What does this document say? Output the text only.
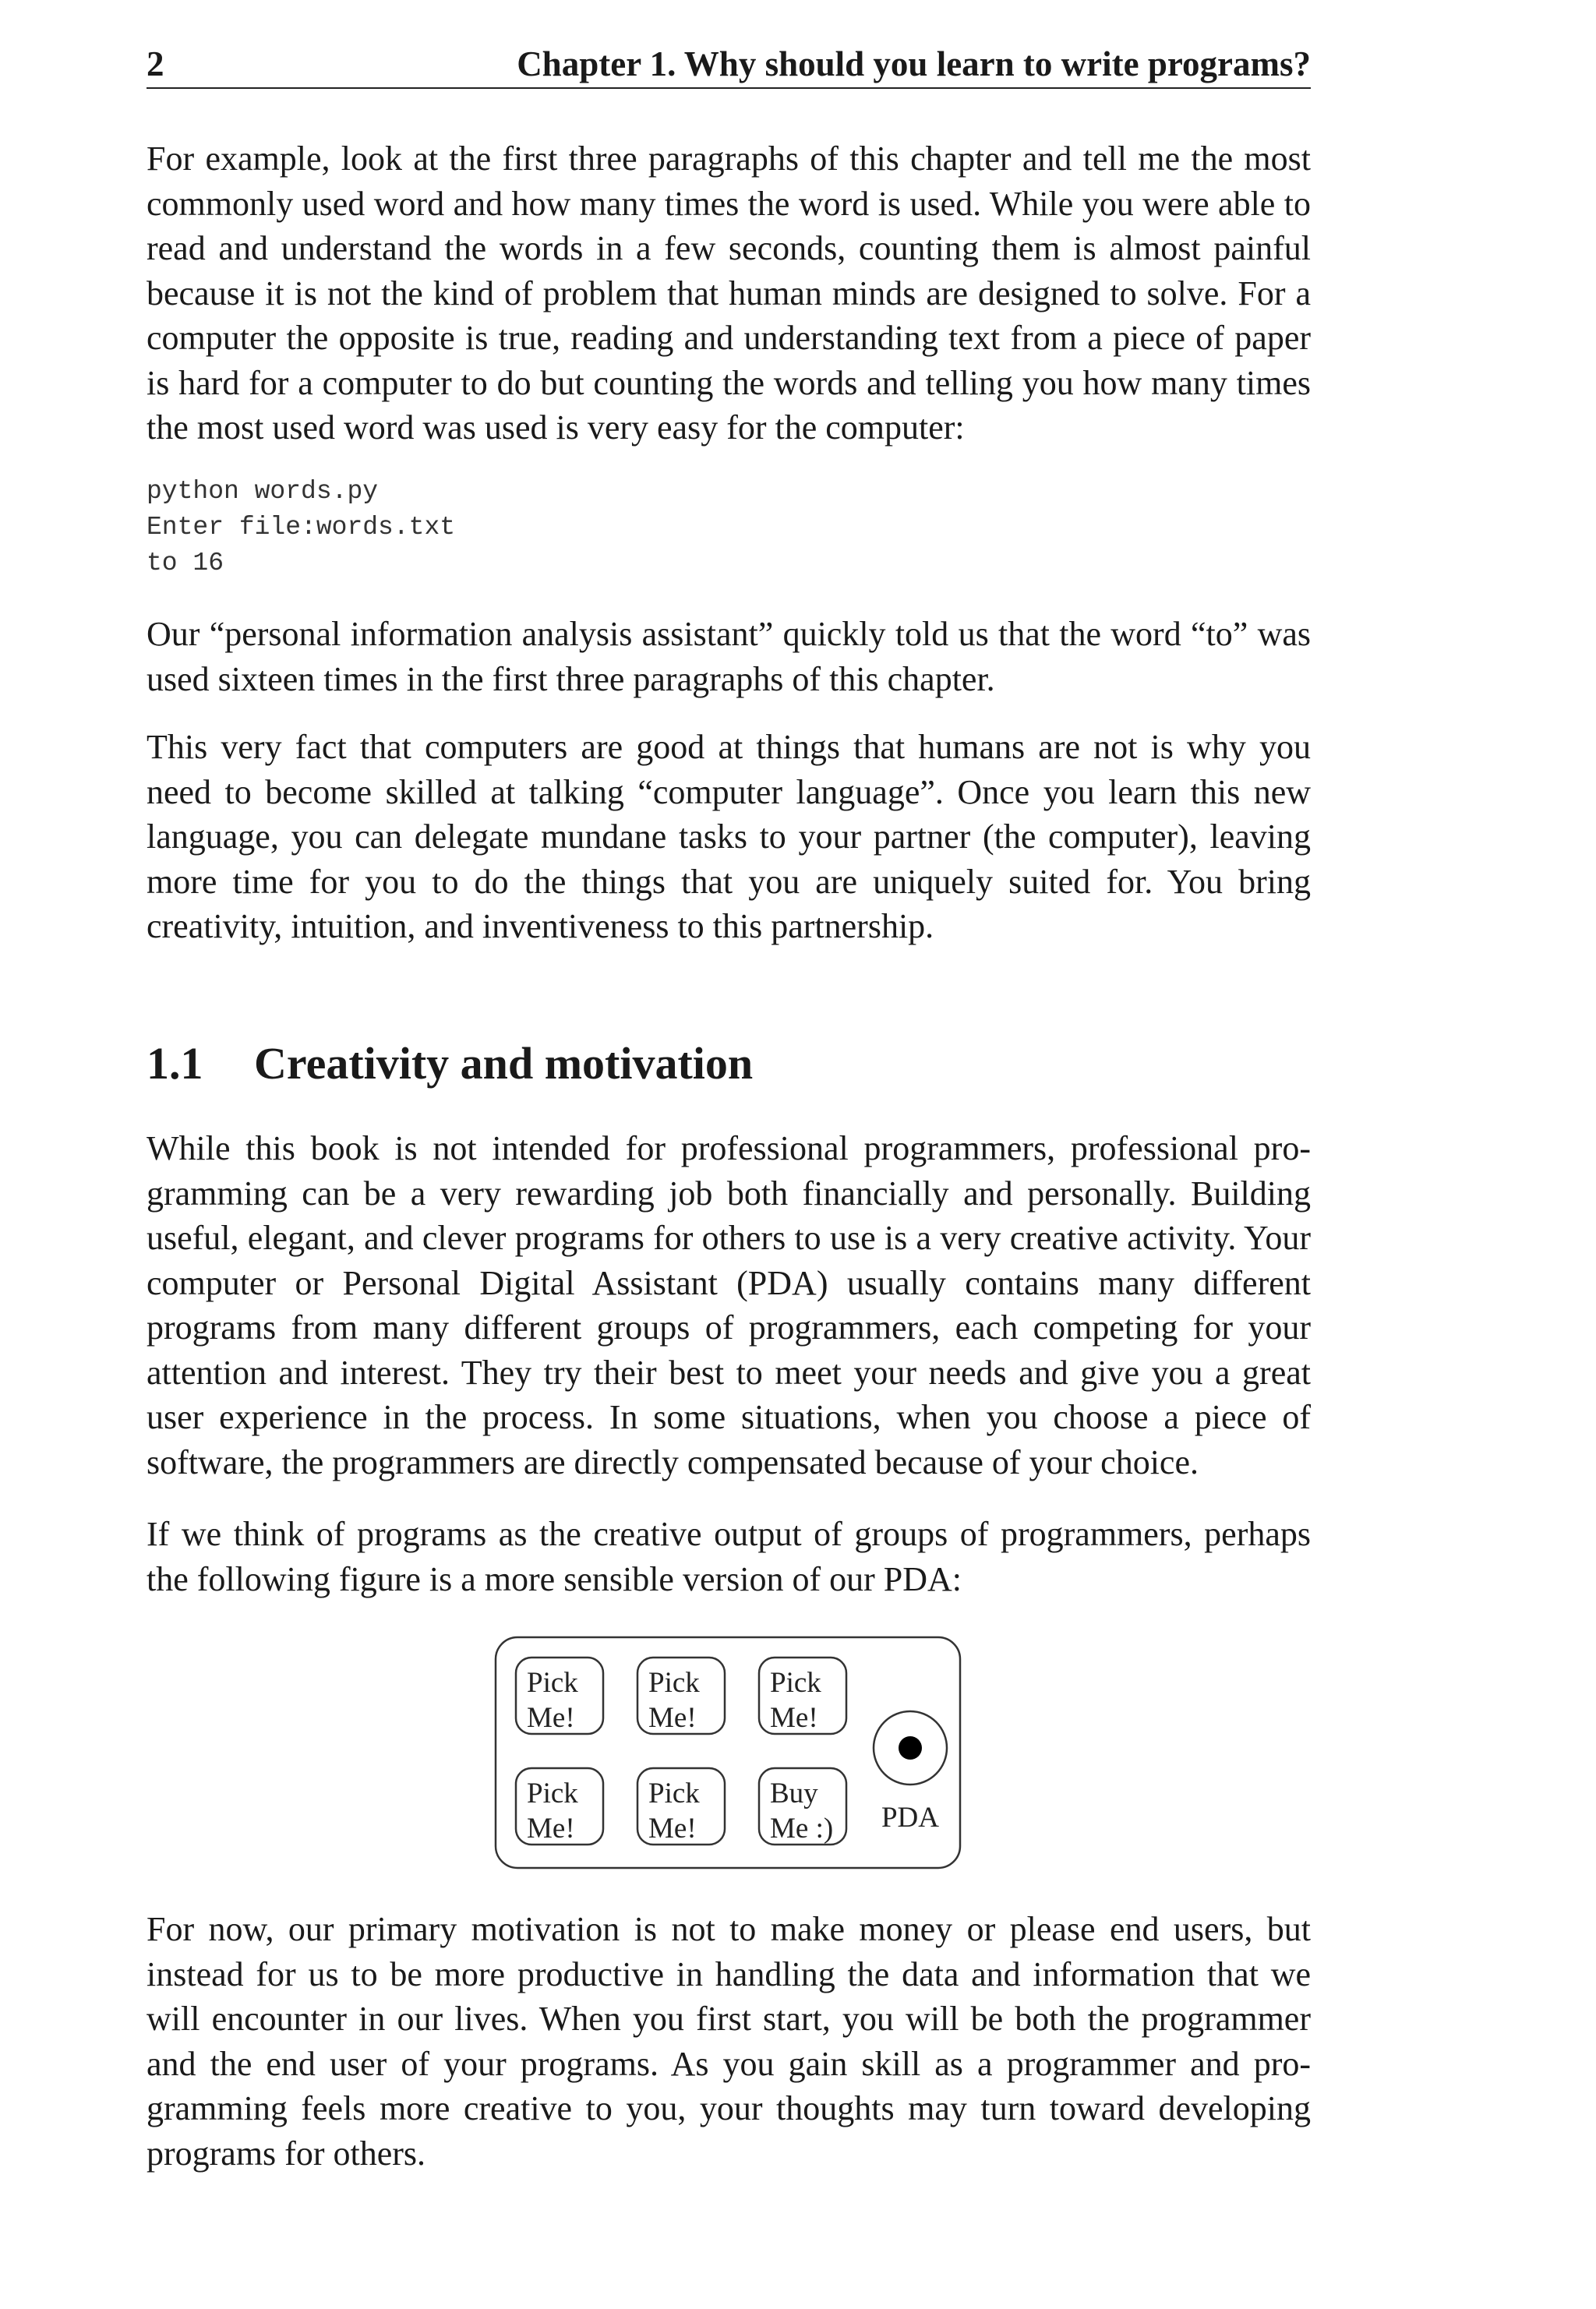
2	Chapter 1. Why should you learn to write programs?

For example, look at the first three paragraphs of this chapter and tell me the most commonly used word and how many times the word is used. While you were able to read and understand the words in a few seconds, counting them is almost painful because it is not the kind of problem that human minds are designed to solve. For a computer the opposite is true, reading and understanding text from a piece of paper is hard for a computer to do but counting the words and telling you how many times the most used word was used is very easy for the computer:

python words.py
Enter file:words.txt
to 16

Our “personal information analysis assistant” quickly told us that the word “to” was used sixteen times in the first three paragraphs of this chapter.

This very fact that computers are good at things that humans are not is why you need to become skilled at talking “computer language”. Once you learn this new language, you can delegate mundane tasks to your partner (the computer), leaving more time for you to do the things that you are uniquely suited for. You bring creativity, intuition, and inventiveness to this partnership.

1.1 Creativity and motivation

While this book is not intended for professional programmers, professional programming can be a very rewarding job both financially and personally. Building useful, elegant, and clever programs for others to use is a very creative activity. Your computer or Personal Digital Assistant (PDA) usually contains many different programs from many different groups of programmers, each competing for your attention and interest. They try their best to meet your needs and give you a great user experience in the process. In some situations, when you choose a piece of software, the programmers are directly compensated because of your choice.

If we think of programs as the creative output of groups of programmers, perhaps the following figure is a more sensible version of our PDA:

Pick
Me!
Pick
Me!
Pick
Me!
Pick
Me!
Pick
Me!
Buy
Me :) PDA

For now, our primary motivation is not to make money or please end users, but instead for us to be more productive in handling the data and information that we will encounter in our lives. When you first start, you will be both the programmer and the end user of your programs. As you gain skill as a programmer and programming feels more creative to you, your thoughts may turn toward developing programs for others.
